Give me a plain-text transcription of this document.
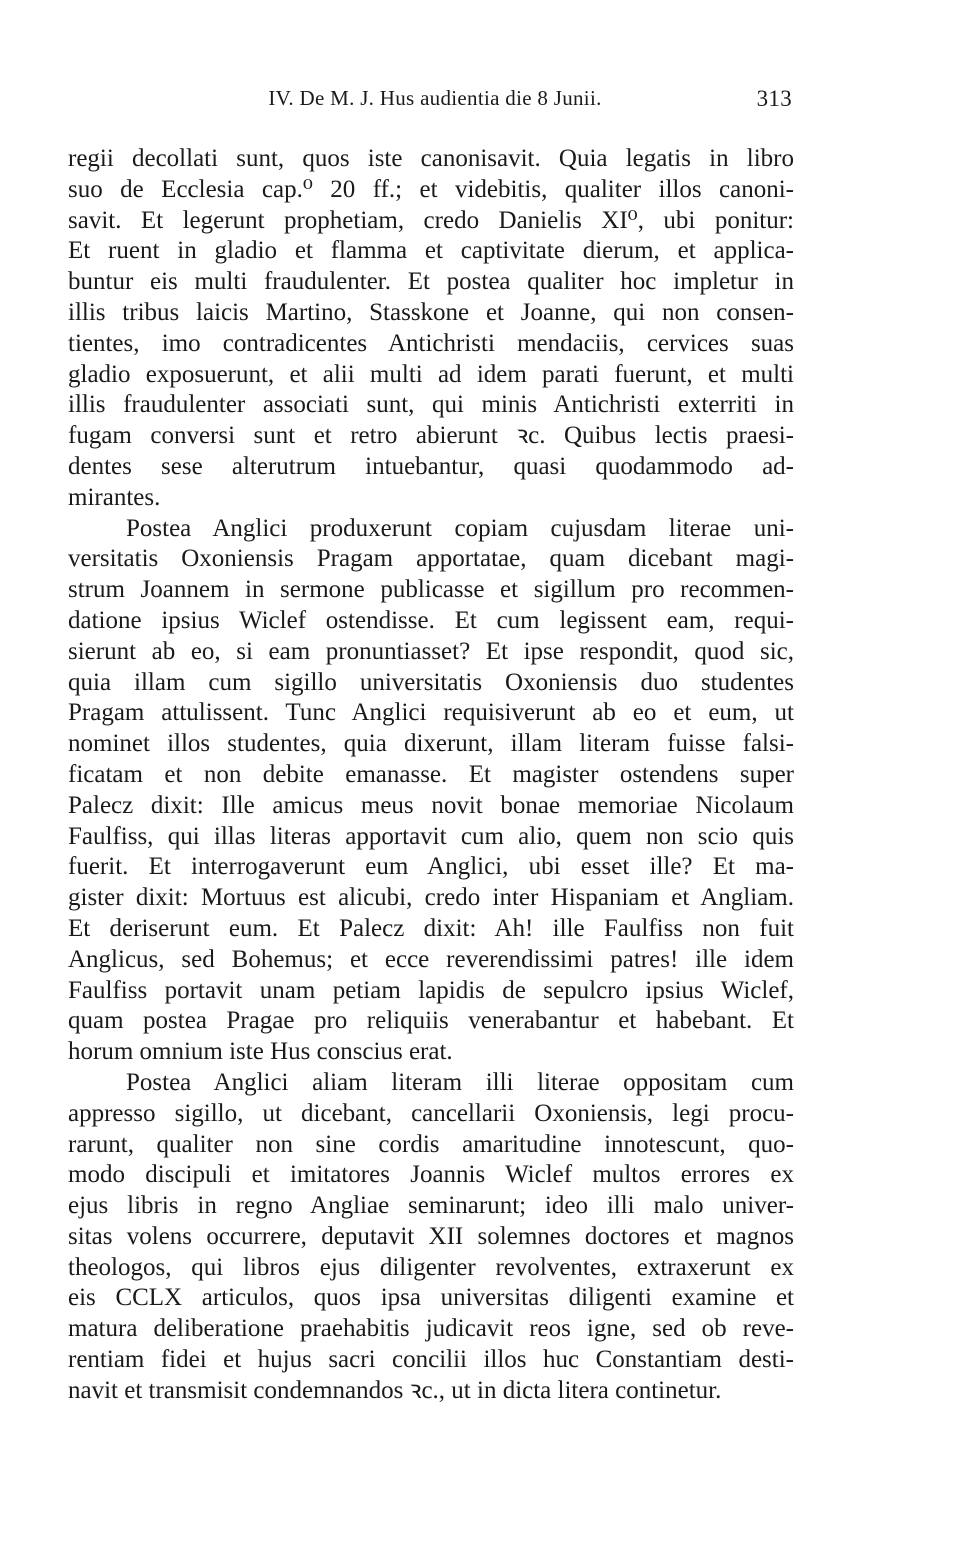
IV. De M. J. Hus audientia die 8 Junii.	313
regii decollati sunt, quos iste canonisavit. Quia legatis in libro
suo de Ecclesia cap.⁰ 20 ff.; et videbitis, qualiter illos canoni-
savit. Et legerunt prophetiam, credo Danielis XI⁰, ubi ponitur:
Et ruent in gladio et flamma et captivitate dierum, et applica-
buntur eis multi fraudulenter. Et postea qualiter hoc impletur in
illis tribus laicis Martino, Stasskone et Joanne, qui non consen-
tientes, imo contradicentes Antichristi mendaciis, cervices suas
gladio exposuerunt, et alii multi ad idem parati fuerunt, et multi
illis fraudulenter associati sunt, qui minis Antichristi exterriti in
fugam conversi sunt et retro abierunt ꝛc. Quibus lectis praesi-
dentes sese alterutrum intuebantur, quasi quodammodo ad-
mirantes.
Postea Anglici produxerunt copiam cujusdam literae uni-
versitatis Oxoniensis Pragam apportatae, quam dicebant magi-
strum Joannem in sermone publicasse et sigillum pro recommen-
datione ipsius Wiclef ostendisse. Et cum legissent eam, requi-
sierunt ab eo, si eam pronuntiasset? Et ipse respondit, quod sic,
quia illam cum sigillo universitatis Oxoniensis duo studentes
Pragam attulissent. Tunc Anglici requisiverunt ab eo et eum, ut
nominet illos studentes, quia dixerunt, illam literam fuisse falsi-
ficatam et non debite emanasse. Et magister ostendens super
Palecz dixit: Ille amicus meus novit bonae memoriae Nicolaum
Faulfiss, qui illas literas apportavit cum alio, quem non scio quis
fuerit. Et interrogaverunt eum Anglici, ubi esset ille? Et ma-
gister dixit: Mortuus est alicubi, credo inter Hispaniam et Angliam.
Et deriserunt eum. Et Palecz dixit: Ah! ille Faulfiss non fuit
Anglicus, sed Bohemus; et ecce reverendissimi patres! ille idem
Faulfiss portavit unam petiam lapidis de sepulcro ipsius Wiclef,
quam postea Pragae pro reliquiis venerabantur et habebant. Et
horum omnium iste Hus conscius erat.
Postea Anglici aliam literam illi literae oppositam cum
appresso sigillo, ut dicebant, cancellarii Oxoniensis, legi procu-
rarunt, qualiter non sine cordis amaritudine innotescunt, quo-
modo discipuli et imitatores Joannis Wiclef multos errores ex
ejus libris in regno Angliae seminarunt; ideo illi malo univer-
sitas volens occurrere, deputavit XII solemnes doctores et magnos
theologos, qui libros ejus diligenter revolventes, extraxerunt ex
eis CCLX articulos, quos ipsa universitas diligenti examine et
matura deliberatione praehabitis judicavit reos igne, sed ob reve-
rentiam fidei et hujus sacri concilii illos huc Constantiam desti-
navit et transmisit condemnandos ꝛc., ut in dicta litera continetur.
